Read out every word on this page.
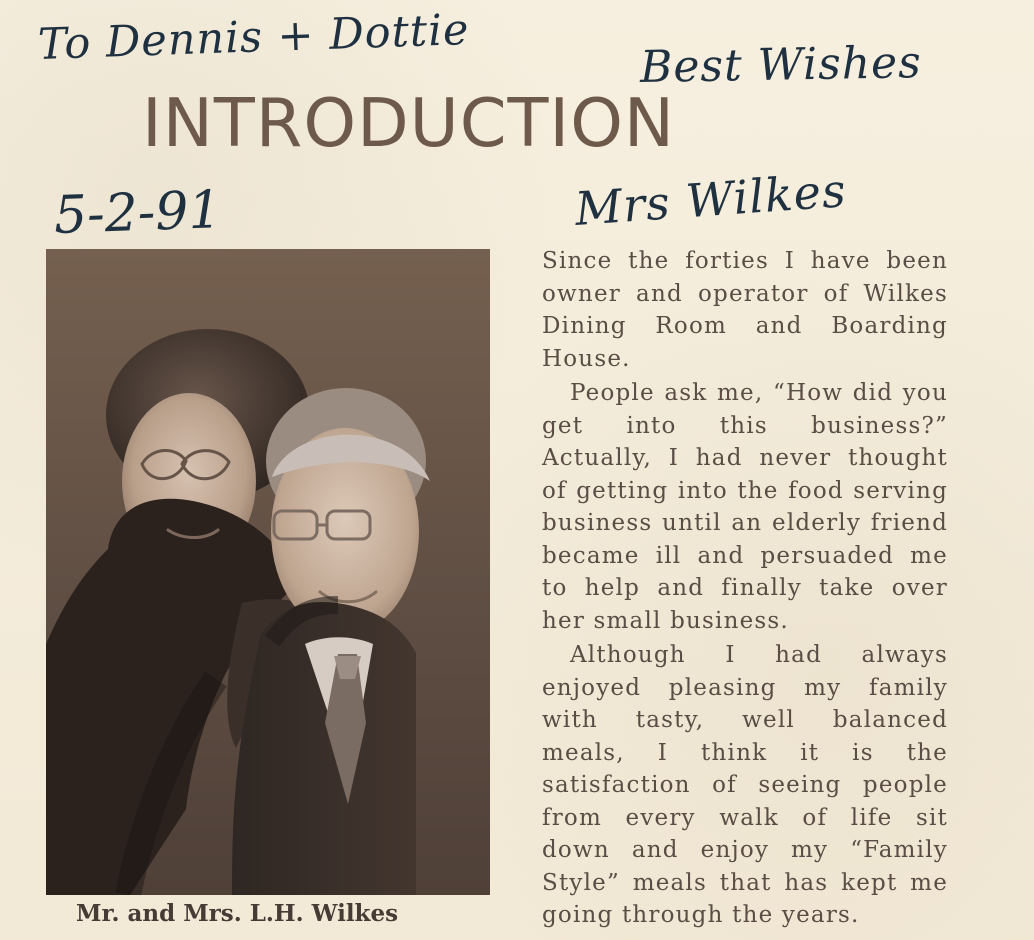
To Dennis + Dottie	Best Wishes
INTRODUCTION
5-2-91	Mrs Wilkes
Mr. and Mrs. L.H. Wilkes

Since the forties I have been owner and operator of Wilkes Dining Room and Boarding House.

People ask me, “How did you get into this business?” Actually, I had never thought of getting into the food serving business until an elderly friend became ill and persuaded me to help and finally take over her small business.

Although I had always enjoyed pleasing my family with tasty, well balanced meals, I think it is the satisfaction of seeing people from every walk of life sit down and enjoy my “Family Style” meals that has kept me going through the years.
